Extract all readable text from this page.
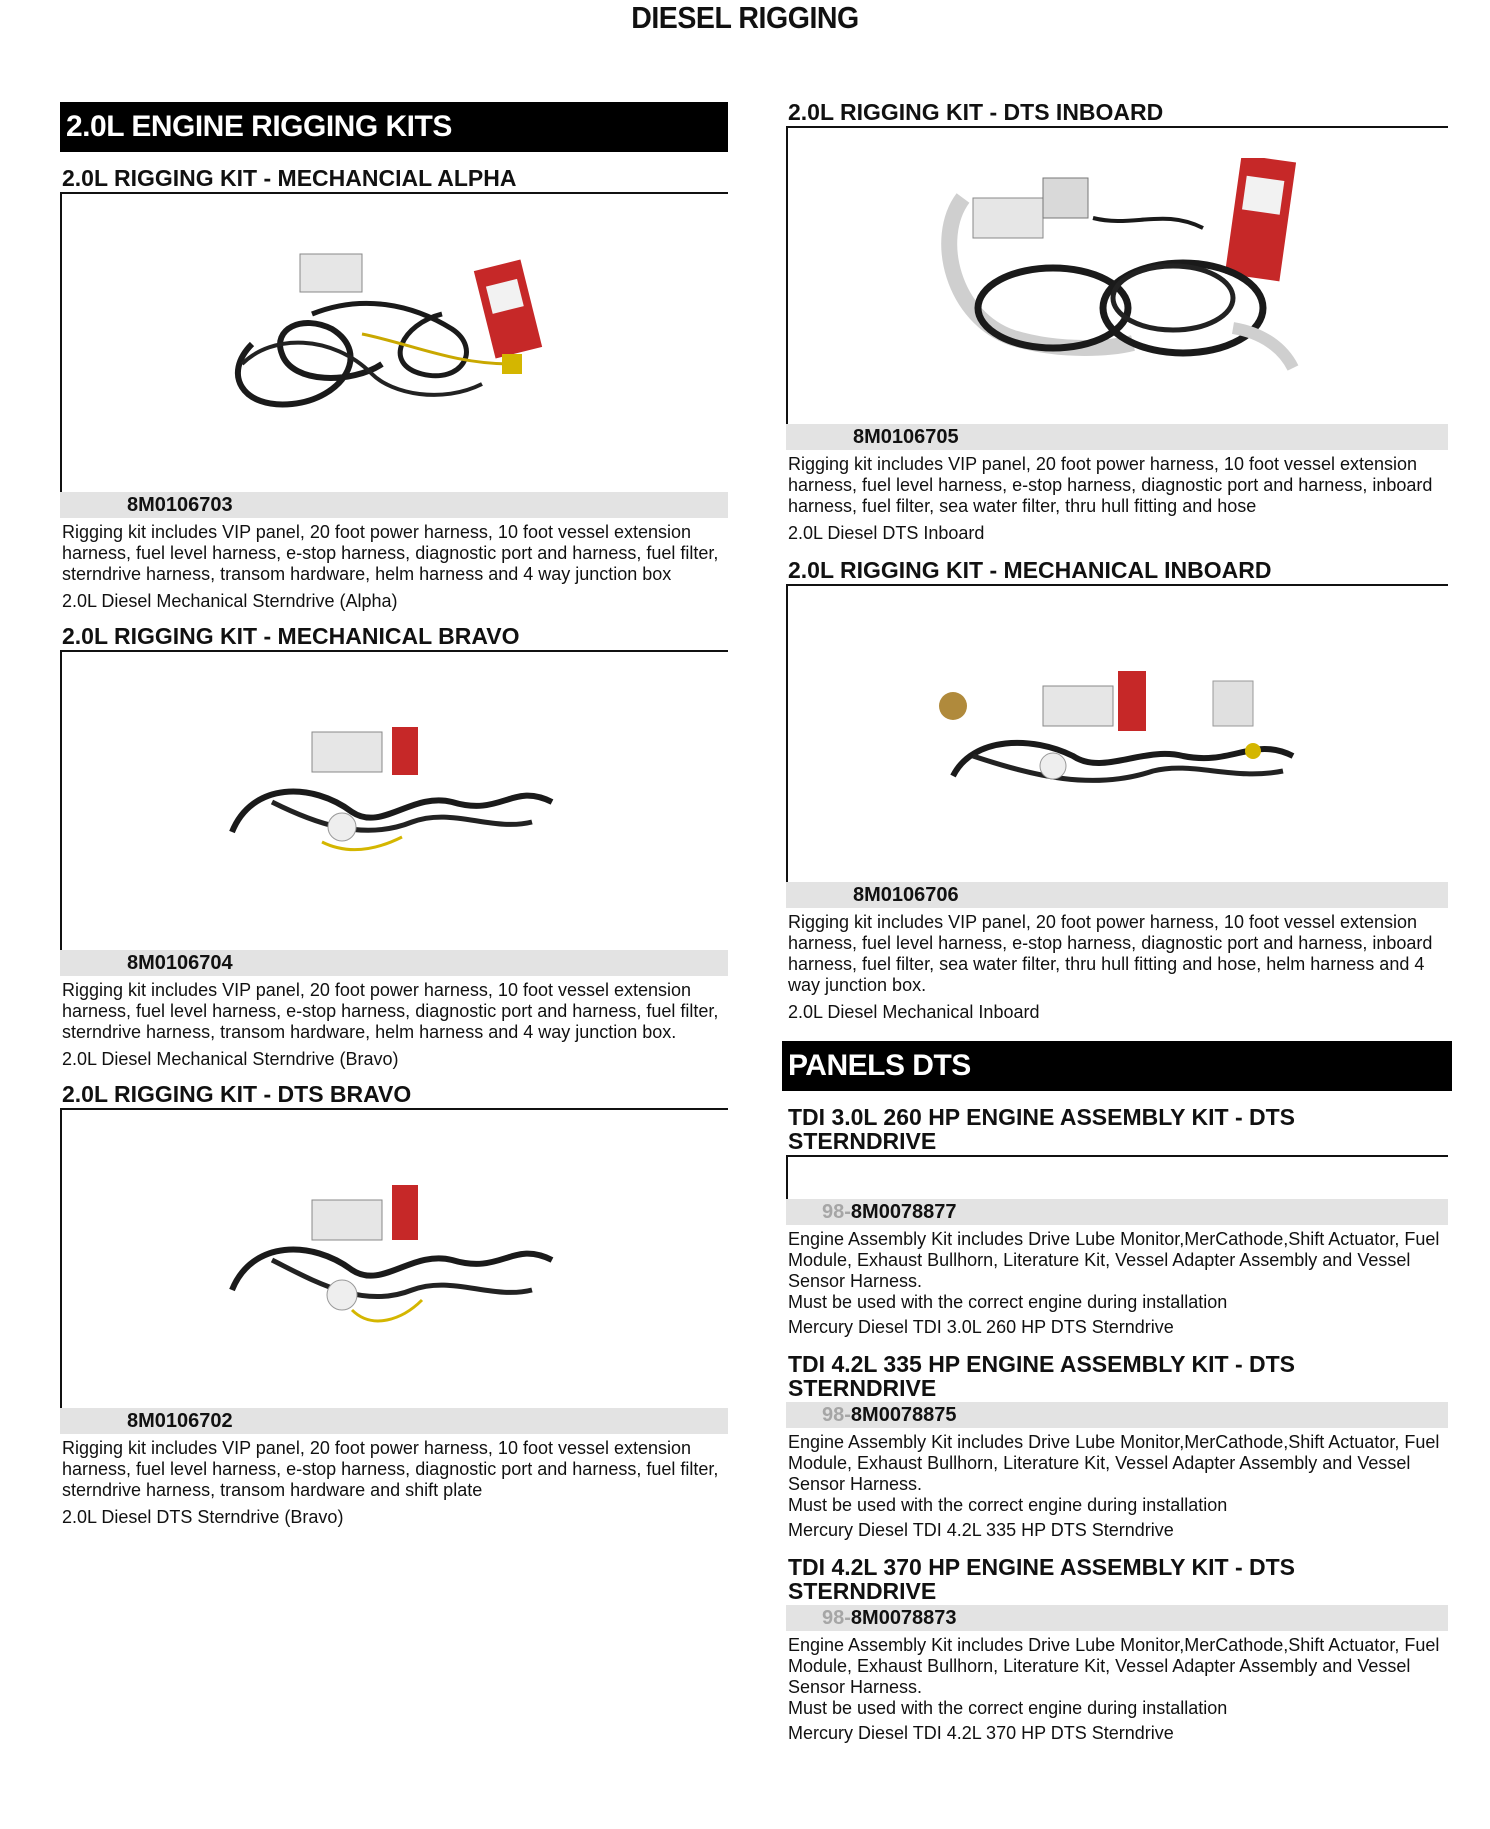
DIESEL RIGGING
2.0L ENGINE RIGGING KITS
2.0L RIGGING KIT - MECHANCIAL ALPHA
8M0106703
Rigging kit includes VIP panel, 20 foot power harness, 10 foot vessel extension harness, fuel level harness, e-stop harness, diagnostic port and harness, fuel filter, sterndrive harness, transom hardware, helm harness and 4 way junction box
2.0L Diesel Mechanical Sterndrive (Alpha)
2.0L RIGGING KIT - MECHANICAL BRAVO
8M0106704
Rigging kit includes VIP panel, 20 foot power harness, 10 foot vessel extension harness, fuel level harness, e-stop harness, diagnostic port and harness, fuel filter, sterndrive harness, transom hardware, helm harness and 4 way junction box.
2.0L Diesel Mechanical Sterndrive (Bravo)
2.0L RIGGING KIT - DTS BRAVO
8M0106702
Rigging kit includes VIP panel, 20 foot power harness, 10 foot vessel extension harness, fuel level harness, e-stop harness, diagnostic port and harness, fuel filter, sterndrive harness, transom hardware and shift plate
2.0L Diesel DTS Sterndrive (Bravo)
2.0L RIGGING KIT - DTS INBOARD
8M0106705
Rigging kit includes VIP panel, 20 foot power harness, 10 foot vessel extension harness, fuel level harness, e-stop harness, diagnostic port and harness, inboard harness, fuel filter, sea water filter, thru hull fitting and hose
2.0L Diesel DTS Inboard
2.0L RIGGING KIT - MECHANICAL INBOARD
8M0106706
Rigging kit includes VIP panel, 20 foot power harness, 10 foot vessel extension harness, fuel level harness, e-stop harness, diagnostic port and harness, inboard harness, fuel filter, sea water filter, thru hull fitting and hose, helm harness and 4 way junction box.
2.0L Diesel Mechanical Inboard
PANELS DTS
TDI 3.0L 260 HP ENGINE ASSEMBLY KIT - DTS STERNDRIVE
98-8M0078877
Engine Assembly Kit includes Drive Lube Monitor,MerCathode,Shift Actuator, Fuel Module, Exhaust Bullhorn, Literature Kit, Vessel Adapter Assembly and Vessel Sensor Harness.
Must be used with the correct engine during installation
Mercury Diesel TDI 3.0L 260 HP DTS Sterndrive
TDI 4.2L 335 HP ENGINE ASSEMBLY KIT - DTS STERNDRIVE
98-8M0078875
Engine Assembly Kit includes Drive Lube Monitor,MerCathode,Shift Actuator, Fuel Module, Exhaust Bullhorn, Literature Kit, Vessel Adapter Assembly and Vessel Sensor Harness.
Must be used with the correct engine during installation
Mercury Diesel TDI 4.2L 335 HP DTS Sterndrive
TDI 4.2L 370 HP ENGINE ASSEMBLY KIT - DTS STERNDRIVE
98-8M0078873
Engine Assembly Kit includes Drive Lube Monitor,MerCathode,Shift Actuator, Fuel Module, Exhaust Bullhorn, Literature Kit, Vessel Adapter Assembly and Vessel Sensor Harness.
Must be used with the correct engine during installation
Mercury Diesel TDI 4.2L 370 HP DTS Sterndrive
